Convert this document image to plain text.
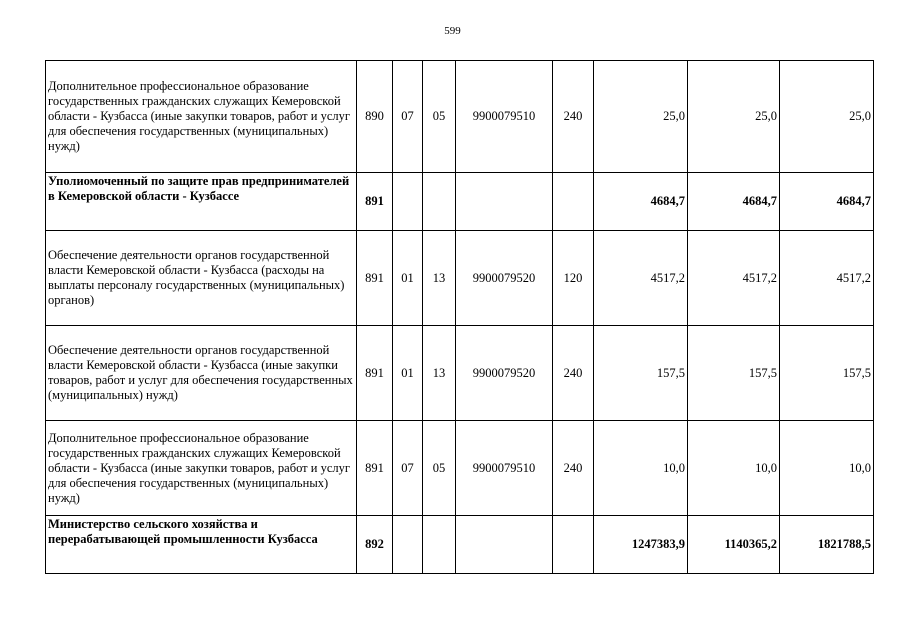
599
Дополнительное профессиональное образование государственных гражданских служащих Кемеровской области - Кузбасса (иные закупки товаров, работ и услуг для обеспечения государственных (муниципальных) нужд)	890	07	05	9900079510	240	25,0	25,0	25,0
Уполиомоченный по защите прав предпринимателей в Кемеровской области - Кузбассе	891					4684,7	4684,7	4684,7
Обеспечение деятельности органов государственной власти Кемеровской области - Кузбасса (расходы на выплаты персоналу государственных (муниципальных) органов)	891	01	13	9900079520	120	4517,2	4517,2	4517,2
Обеспечение деятельности органов государственной власти Кемеровской области - Кузбасса (иные закупки товаров, работ и услуг для обеспечения государственных (муниципальных) нужд)	891	01	13	9900079520	240	157,5	157,5	157,5
Дополнительное профессиональное образование государственных гражданских служащих Кемеровской области - Кузбасса (иные закупки товаров, работ и услуг для обеспечения государственных (муниципальных) нужд)	891	07	05	9900079510	240	10,0	10,0	10,0
Министерство сельского хозяйства и перерабатывающей промышленности Кузбасса	892					1247383,9	1140365,2	1821788,5
